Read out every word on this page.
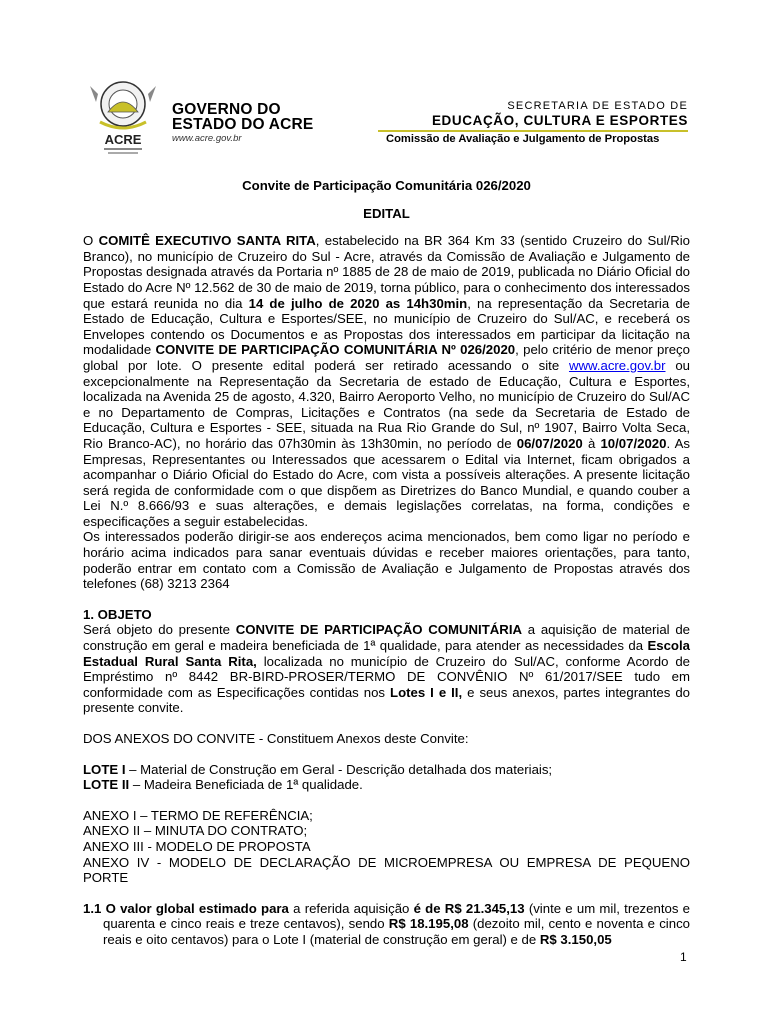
ACRE
GOVERNO DO
ESTADO DO ACRE
www.acre.gov.br
SECRETARIA DE ESTADO DE
EDUCAÇÃO, CULTURA E ESPORTES
Comissão de Avaliação e Julgamento de Propostas
Convite de Participação Comunitária 026/2020
EDITAL

O COMITÊ EXECUTIVO SANTA RITA, estabelecido na BR 364 Km 33 (sentido Cruzeiro do Sul/Rio Branco), no município de Cruzeiro do Sul - Acre, através da Comissão de Avaliação e Julgamento de Propostas designada através da Portaria nº 1885 de 28 de maio de 2019, publicada no Diário Oficial do Estado do Acre Nº 12.562 de 30 de maio de 2019, torna público, para o conhecimento dos interessados que estará reunida no dia 14 de julho de 2020 as 14h30min, na representação da Secretaria de Estado de Educação, Cultura e Esportes/SEE, no município de Cruzeiro do Sul/AC, e receberá os Envelopes contendo os Documentos e as Propostas dos interessados em participar da licitação na modalidade CONVITE DE PARTICIPAÇÃO COMUNITÁRIA Nº 026/2020, pelo critério de menor preço global por lote. O presente edital poderá ser retirado acessando o site www.acre.gov.br ou excepcionalmente na Representação da Secretaria de estado de Educação, Cultura e Esportes, localizada na Avenida 25 de agosto, 4.320, Bairro Aeroporto Velho, no município de Cruzeiro do Sul/AC e no Departamento de Compras, Licitações e Contratos (na sede da Secretaria de Estado de Educação, Cultura e Esportes - SEE, situada na Rua Rio Grande do Sul, nº 1907, Bairro Volta Seca, Rio Branco-AC), no horário das 07h30min às 13h30min, no período de 06/07/2020 à 10/07/2020. As Empresas, Representantes ou Interessados que acessarem o Edital via Internet, ficam obrigados a acompanhar o Diário Oficial do Estado do Acre, com vista a possíveis alterações. A presente licitação será regida de conformidade com o que dispõem as Diretrizes do Banco Mundial, e quando couber a Lei N.º 8.666/93 e suas alterações, e demais legislações correlatas, na forma, condições e especificações a seguir estabelecidas.

Os interessados poderão dirigir-se aos endereços acima mencionados, bem como ligar no período e horário acima indicados para sanar eventuais dúvidas e receber maiores orientações, para tanto, poderão entrar em contato com a Comissão de Avaliação e Julgamento de Propostas através dos telefones (68) 3213 2364

1. OBJETO

Será objeto do presente CONVITE DE PARTICIPAÇÃO COMUNITÁRIA a aquisição de material de construção em geral e madeira beneficiada de 1ª qualidade, para atender as necessidades da Escola Estadual Rural Santa Rita, localizada no município de Cruzeiro do Sul/AC, conforme Acordo de Empréstimo nº 8442 BR-BIRD-PROSER/TERMO DE CONVÊNIO Nº 61/2017/SEE tudo em conformidade com as Especificações contidas nos Lotes I e II, e seus anexos, partes integrantes do presente convite.

DOS ANEXOS DO CONVITE - Constituem Anexos deste Convite:

LOTE I – Material de Construção em Geral - Descrição detalhada dos materiais;

LOTE II – Madeira Beneficiada de 1ª qualidade.

ANEXO I – TERMO DE REFERÊNCIA;

ANEXO II – MINUTA DO CONTRATO;

ANEXO III - MODELO DE PROPOSTA

ANEXO IV - MODELO DE DECLARAÇÃO DE MICROEMPRESA OU EMPRESA DE PEQUENO PORTE

1.1 O valor global estimado para a referida aquisição é de R$ 21.345,13 (vinte e um mil, trezentos e quarenta e cinco reais e treze centavos), sendo R$ 18.195,08 (dezoito mil, cento e noventa e cinco reais e oito centavos) para o Lote I (material de construção em geral) e de R$ 3.150,05

1
